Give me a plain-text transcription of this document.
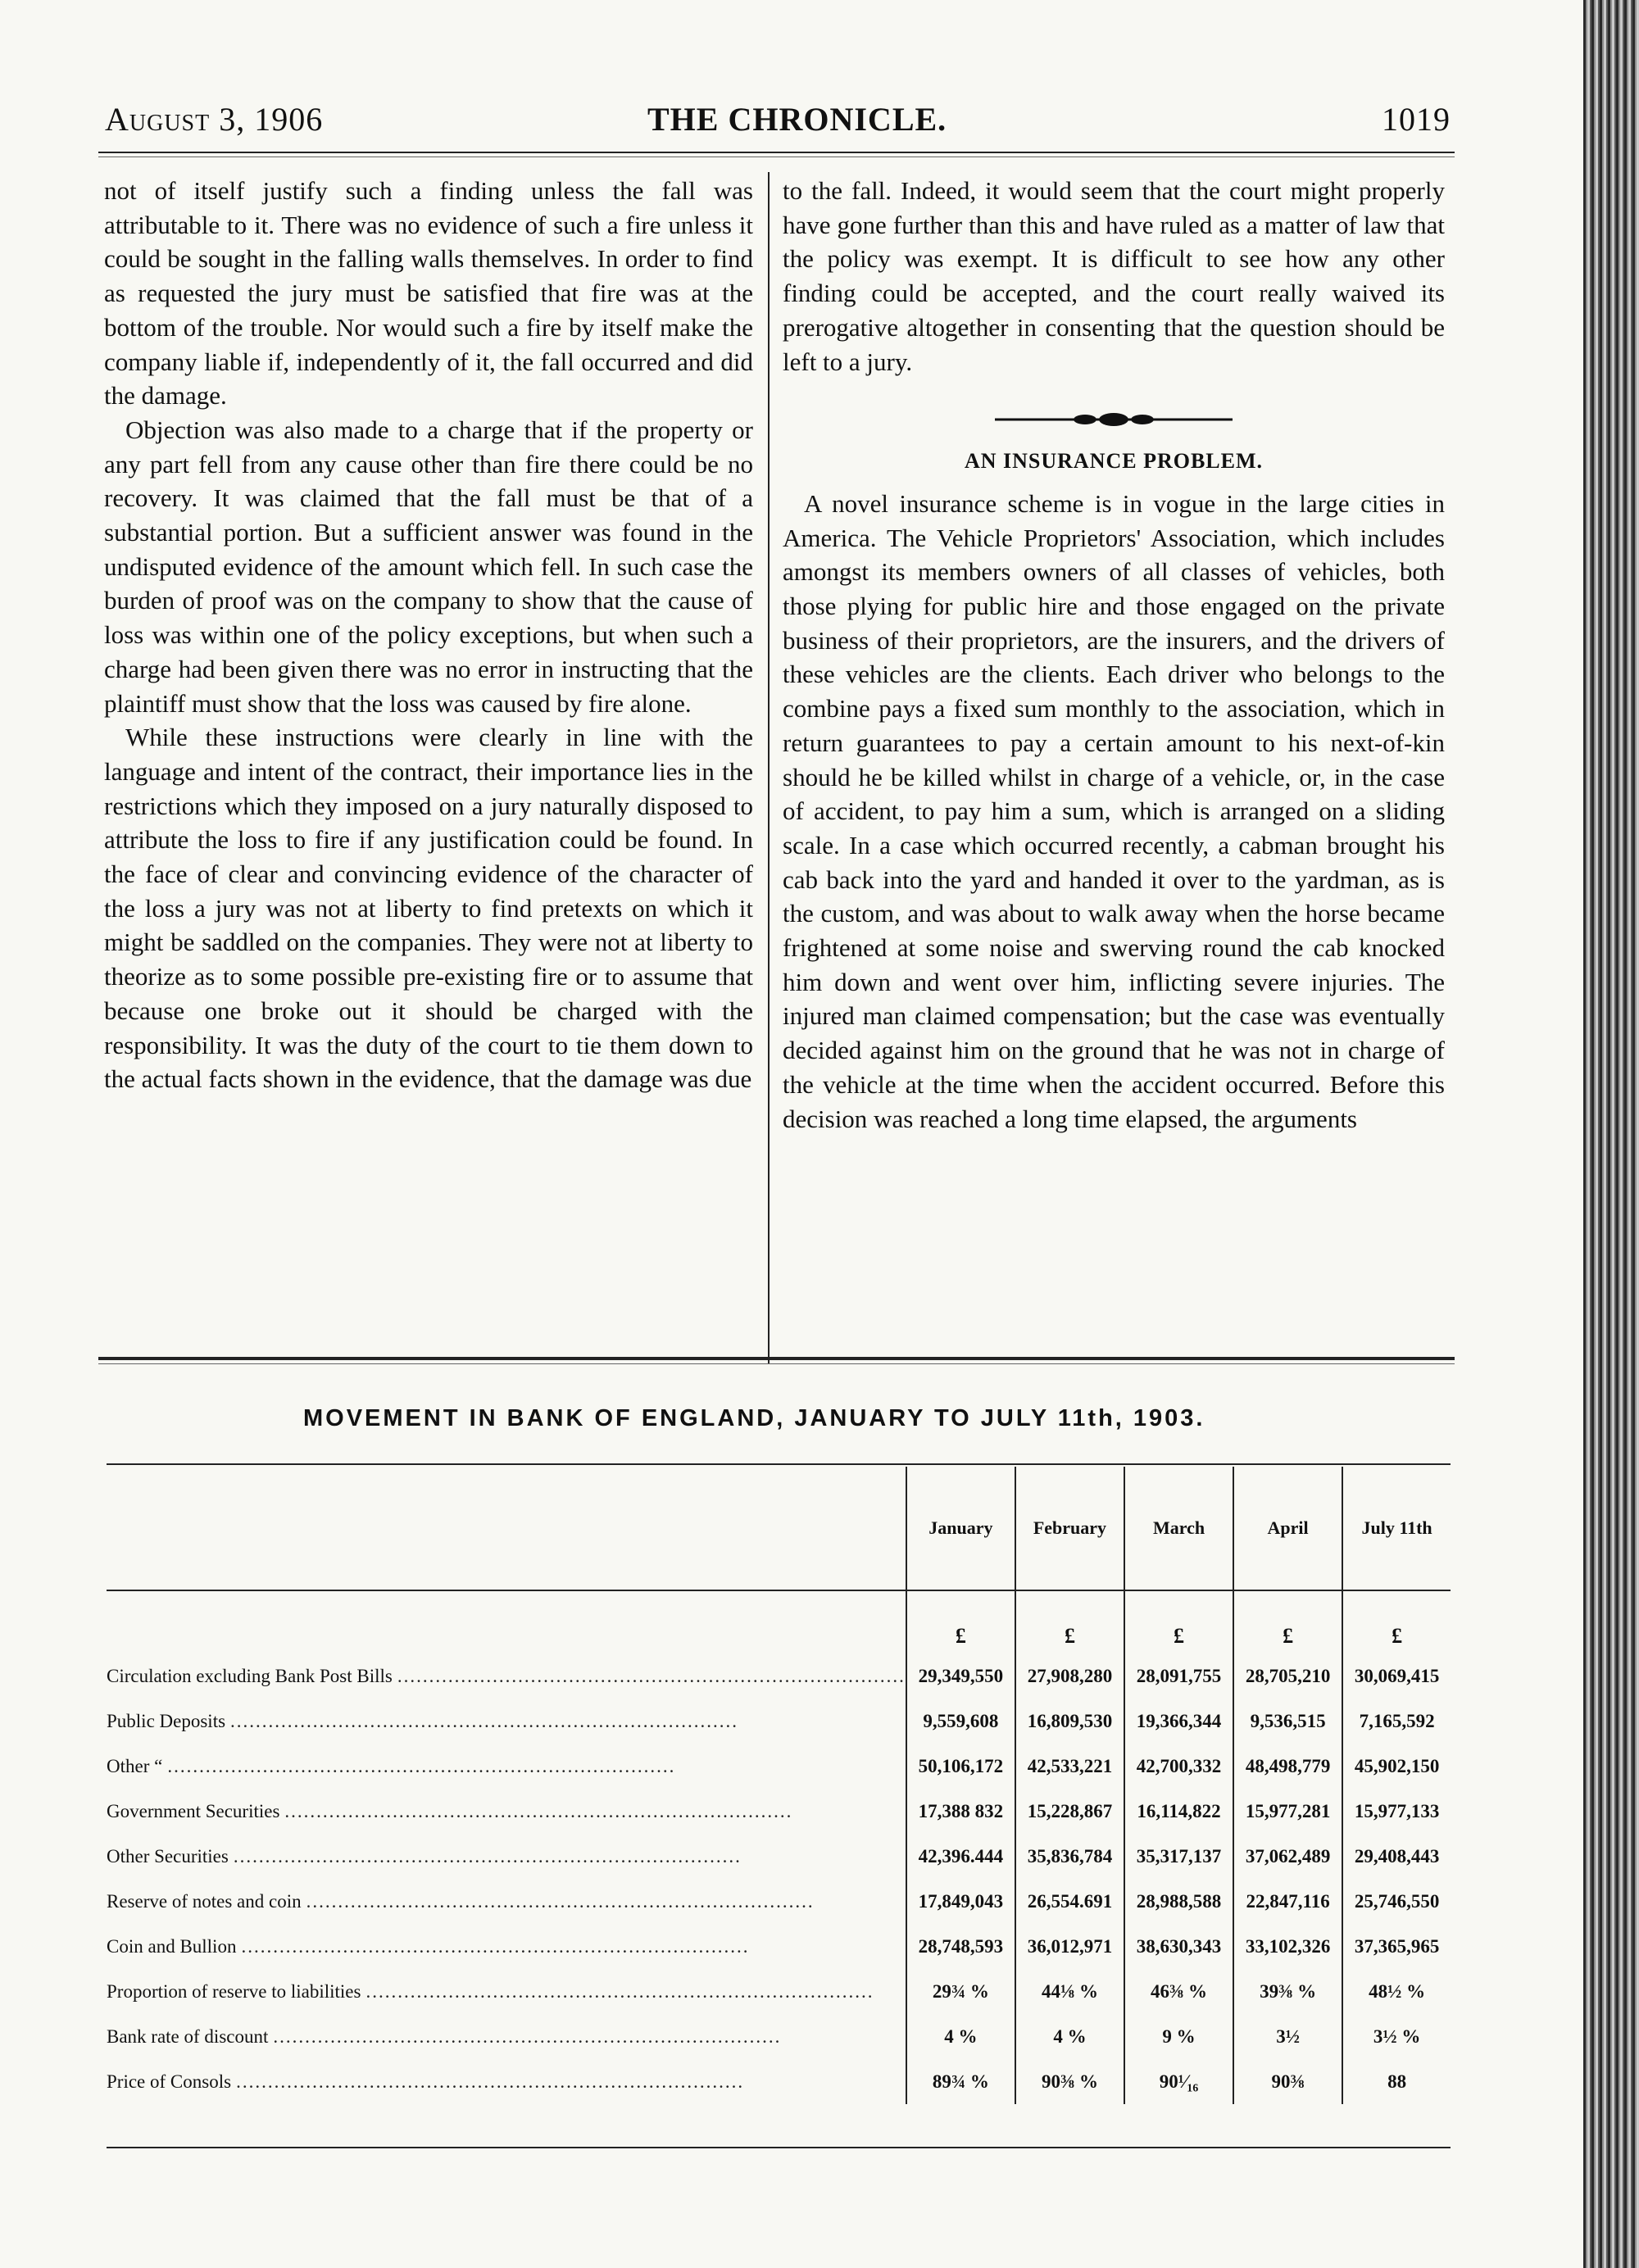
August 3, 1906	THE CHRONICLE.	1019

not of itself justify such a finding unless the fall was attributable to it. There was no evidence of such a fire unless it could be sought in the falling walls themselves. In order to find as requested the jury must be satisfied that fire was at the bottom of the trouble. Nor would such a fire by itself make the company liable if, independently of it, the fall occurred and did the damage.

Objection was also made to a charge that if the property or any part fell from any cause other than fire there could be no recovery. It was claimed that the fall must be that of a substantial portion. But a sufficient answer was found in the undisputed evidence of the amount which fell. In such case the burden of proof was on the company to show that the cause of loss was within one of the policy exceptions, but when such a charge had been given there was no error in instructing that the plaintiff must show that the loss was caused by fire alone.

While these instructions were clearly in line with the language and intent of the contract, their importance lies in the restrictions which they imposed on a jury naturally disposed to attribute the loss to fire if any justification could be found. In the face of clear and convincing evidence of the character of the loss a jury was not at liberty to find pretexts on which it might be saddled on the companies. They were not at liberty to theorize as to some possible pre-existing fire or to assume that because one broke out it should be charged with the responsibility. It was the duty of the court to tie them down to the actual facts shown in the evidence, that the damage was due

to the fall. Indeed, it would seem that the court might properly have gone further than this and have ruled as a matter of law that the policy was exempt. It is difficult to see how any other finding could be accepted, and the court really waived its prerogative altogether in consenting that the question should be left to a jury.

AN INSURANCE PROBLEM.

A novel insurance scheme is in vogue in the large cities in America. The Vehicle Proprietors' Association, which includes amongst its members owners of all classes of vehicles, both those plying for public hire and those engaged on the private business of their proprietors, are the insurers, and the drivers of these vehicles are the clients. Each driver who belongs to the combine pays a fixed sum monthly to the association, which in return guarantees to pay a certain amount to his next-of-kin should he be killed whilst in charge of a vehicle, or, in the case of accident, to pay him a sum, which is arranged on a sliding scale. In a case which occurred recently, a cabman brought his cab back into the yard and handed it over to the yardman, as is the custom, and was about to walk away when the horse became frightened at some noise and swerving round the cab knocked him down and went over him, inflicting severe injuries. The injured man claimed compensation; but the case was eventually decided against him on the ground that he was not in charge of the vehicle at the time when the accident occurred. Before this decision was reached a long time elapsed, the arguments

MOVEMENT IN BANK OF ENGLAND, JANUARY TO JULY 11th, 1903.
	January	February	March	April	July 11th
	£	£	£	£	£
Circulation excluding Bank Post Bills ................................................................................	29,349,550	27,908,280	28,091,755	28,705,210	30,069,415
Public Deposits ................................................................................	9,559,608	16,809,530	19,366,344	9,536,515	7,165,592
Other “ ................................................................................	50,106,172	42,533,221	42,700,332	48,498,779	45,902,150
Government Securities ................................................................................	17,388 832	15,228,867	16,114,822	15,977,281	15,977,133
Other Securities ................................................................................	42,396.444	35,836,784	35,317,137	37,062,489	29,408,443
Reserve of notes and coin ................................................................................	17,849,043	26,554.691	28,988,588	22,847,116	25,746,550
Coin and Bullion ................................................................................	28,748,593	36,012,971	38,630,343	33,102,326	37,365,965
Proportion of reserve to liabilities ................................................................................	29¾ %	44⅛ %	46⅜ %	39⅜ %	48½ %
Bank rate of discount ................................................................................	4 %	4 %	9 %	3½	3½ %
Price of Consols ................................................................................	89¾ %	90⅜ %	90¹⁄₁₆	90⅜	88
